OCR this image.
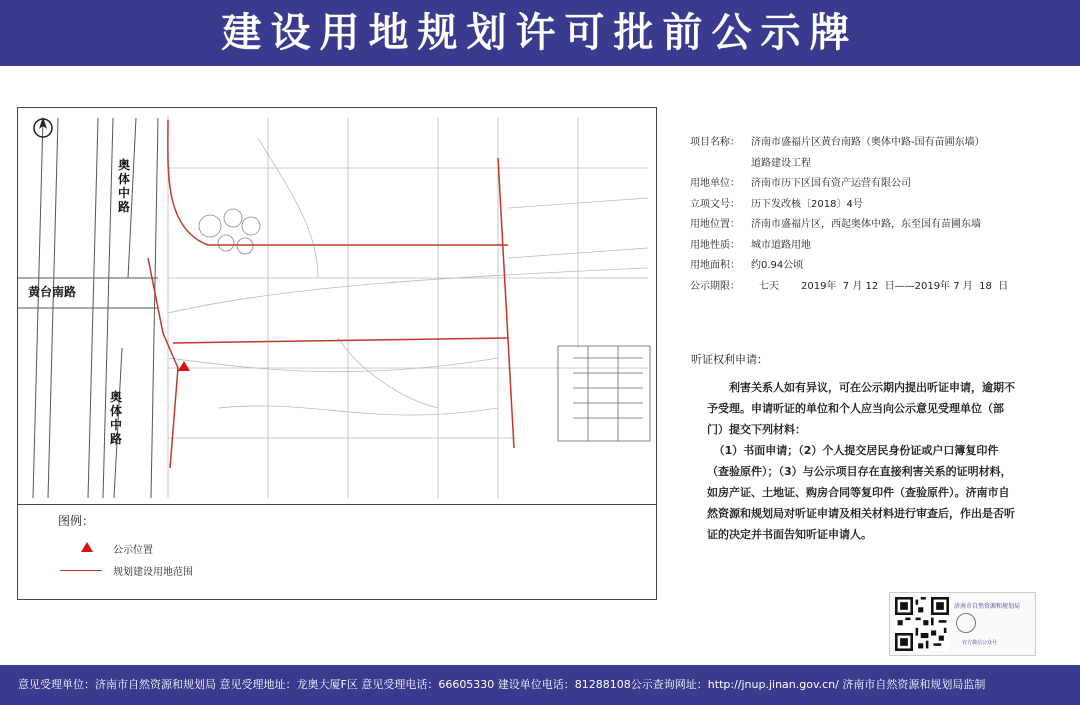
建设用地规划许可批前公示牌
奥体中路
黄台南路
奥体中路
图例：
公示位置
规划建设用地范围
项目名称：	济南市盛福片区黄台南路（奥体中路-国有苗圃东墙）
道路建设工程
用地单位：	济南市历下区国有资产运营有限公司
立项文号：	历下发改核〔2018〕4号
用地位置：	济南市盛福片区，西起奥体中路，东至国有苗圃东墙
用地性质：	城市道路用地
用地面积：	约0.94公顷
公示期限：	七天	2019年  7 月 12  日——2019年 7 月  18  日
听证权利申请：

利害关系人如有异议，可在公示期内提出听证申请，逾期不予受理。申请听证的单位和个人应当向公示意见受理单位（部门）提交下列材料：

（1）书面申请；（2）个人提交居民身份证或户口簿复印件（查验原件）；（3）与公示项目存在直接利害关系的证明材料，如房产证、土地证、购房合同等复印件（查验原件）。济南市自然资源和规划局对听证申请及相关材料进行审查后，作出是否听证的决定并书面告知听证申请人。

济南市自然资源和规划局
官方微信公众号
意见受理单位：济南市自然资源和规划局 意见受理地址：龙奥大厦F区 意见受理电话：66605330 建设单位电话：81288108公示查询网址：http://jnup.jinan.gov.cn/ 济南市自然资源和规划局监制
